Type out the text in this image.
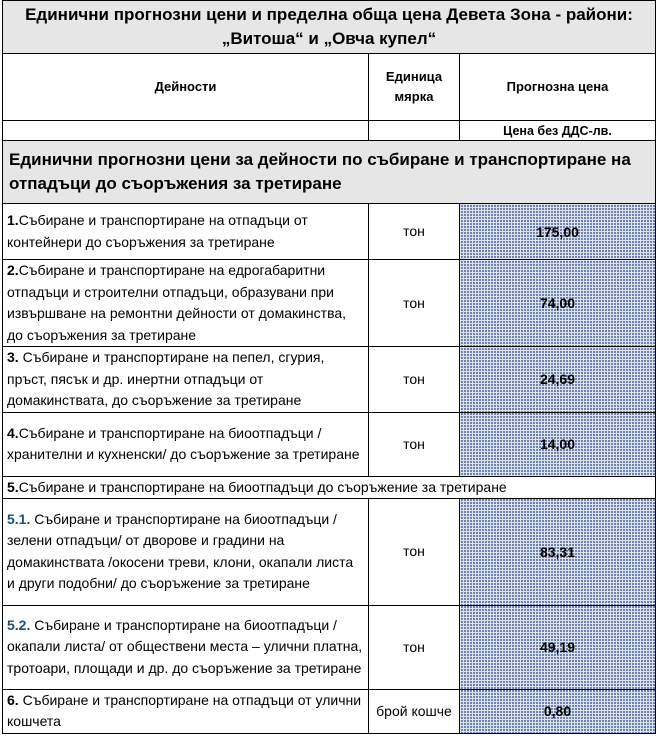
Единични прогнозни цени и пределна обща цена Девета Зона - райони: „Витоша“ и „Овча купел“		
Дейности	Единица мярка	Прогнозна цена
		Цена без ДДС-лв.
Единични прогнозни цени за дейности по събиране и транспортиране на отпадъци до съоръжения за третиране		
1.Събиране и транспортиране на отпадъци от контейнери до съоръжения за третиране	тон	175,00
2.Събиране и транспортиране на едрогабаритни отпадъци и строителни отпадъци, образувани при извършване на ремонтни дейности от домакинства, до съоръжения за третиране	тон	74,00
3. Събиране и транспортиране на пепел, сгурия, пръст, пясък и др. инертни отпадъци от домакинствата, до съоръжение за третиране	тон	24,69
4.Събиране и транспортиране на биоотпадъци /хранителни и кухненски/ до съоръжение за третиране	тон	14,00
5.Събиране и транспортиране на биоотпадъци до съоръжение за третиране		
5.1. Събиране и транспортиране на биоотпадъци /зелени отпадъци/ от дворове и градини на домакинствата /окосени треви, клони, окапали листа и други подобни/ до съоръжение за третиране	тон	83,31
5.2. Събиране и транспортиране на биоотпадъци /окапали листа/ от обществени места – улични платна, тротоари, площади и др. до съоръжение за третиране	тон	49,19
6. Събиране и транспортиране на отпадъци от улични кошчета	брой кошче	0,80
